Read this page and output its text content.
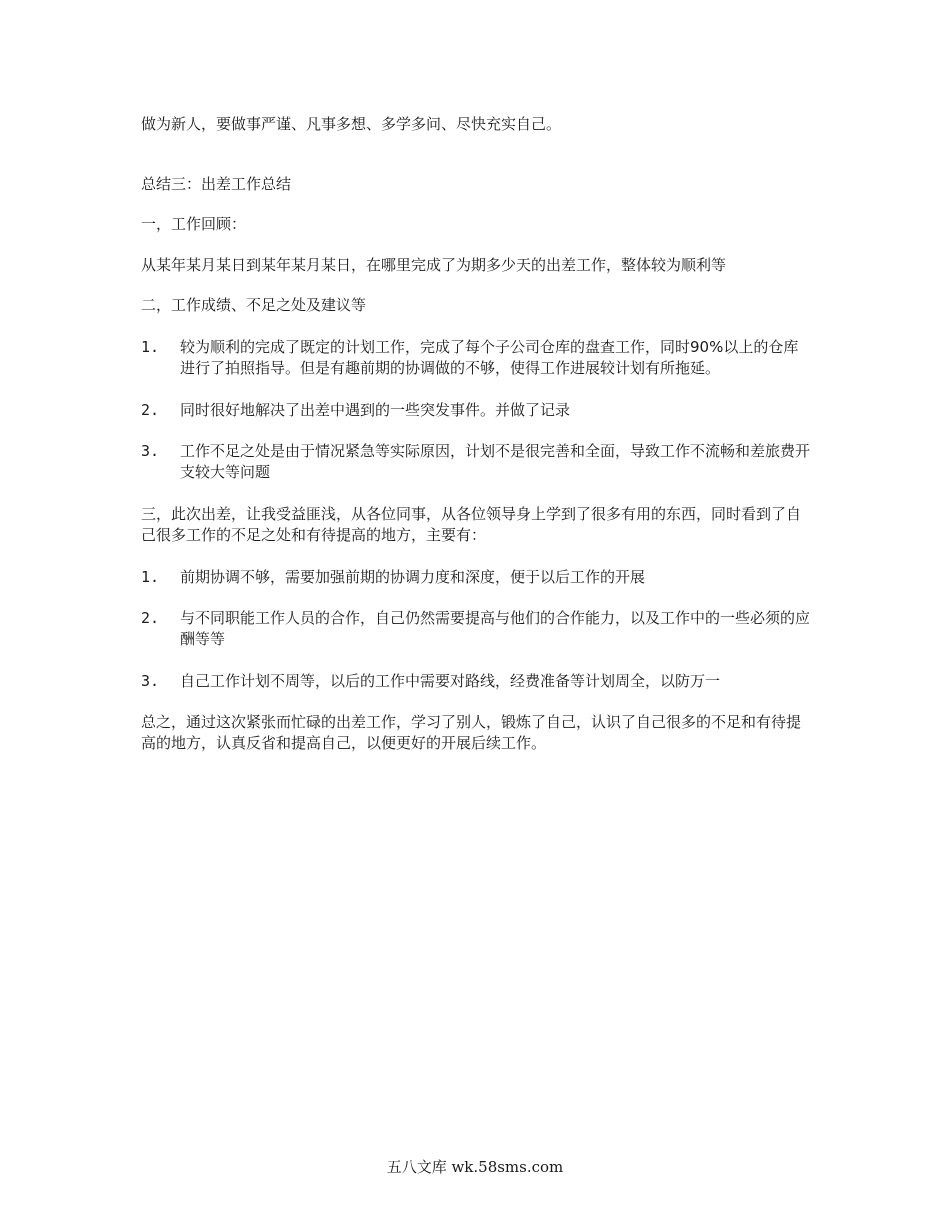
做为新人，要做事严谨、凡事多想、多学多问、尽快充实自己。

总结三：出差工作总结

一，工作回顾：

从某年某月某日到某年某月某日，在哪里完成了为期多少天的出差工作，整体较为顺利等

二，工作成绩、不足之处及建议等

1.	较为顺利的完成了既定的计划工作，完成了每个子公司仓库的盘查工作，同时90%以上的仓库进行了拍照指导。但是有趣前期的协调做的不够，使得工作进展较计划有所拖延。
2.	同时很好地解决了出差中遇到的一些突发事件。并做了记录
3.	工作不足之处是由于情况紧急等实际原因，计划不是很完善和全面，导致工作不流畅和差旅费开支较大等问题

三，此次出差，让我受益匪浅，从各位同事，从各位领导身上学到了很多有用的东西，同时看到了自己很多工作的不足之处和有待提高的地方，主要有：

1.	前期协调不够，需要加强前期的协调力度和深度，便于以后工作的开展
2.	与不同职能工作人员的合作，自己仍然需要提高与他们的合作能力，以及工作中的一些必须的应酬等等
3.	自己工作计划不周等，以后的工作中需要对路线，经费准备等计划周全，以防万一

总之，通过这次紧张而忙碌的出差工作，学习了别人，锻炼了自己，认识了自己很多的不足和有待提高的地方，认真反省和提高自己，以便更好的开展后续工作。

五八文库 wk.58sms.com
